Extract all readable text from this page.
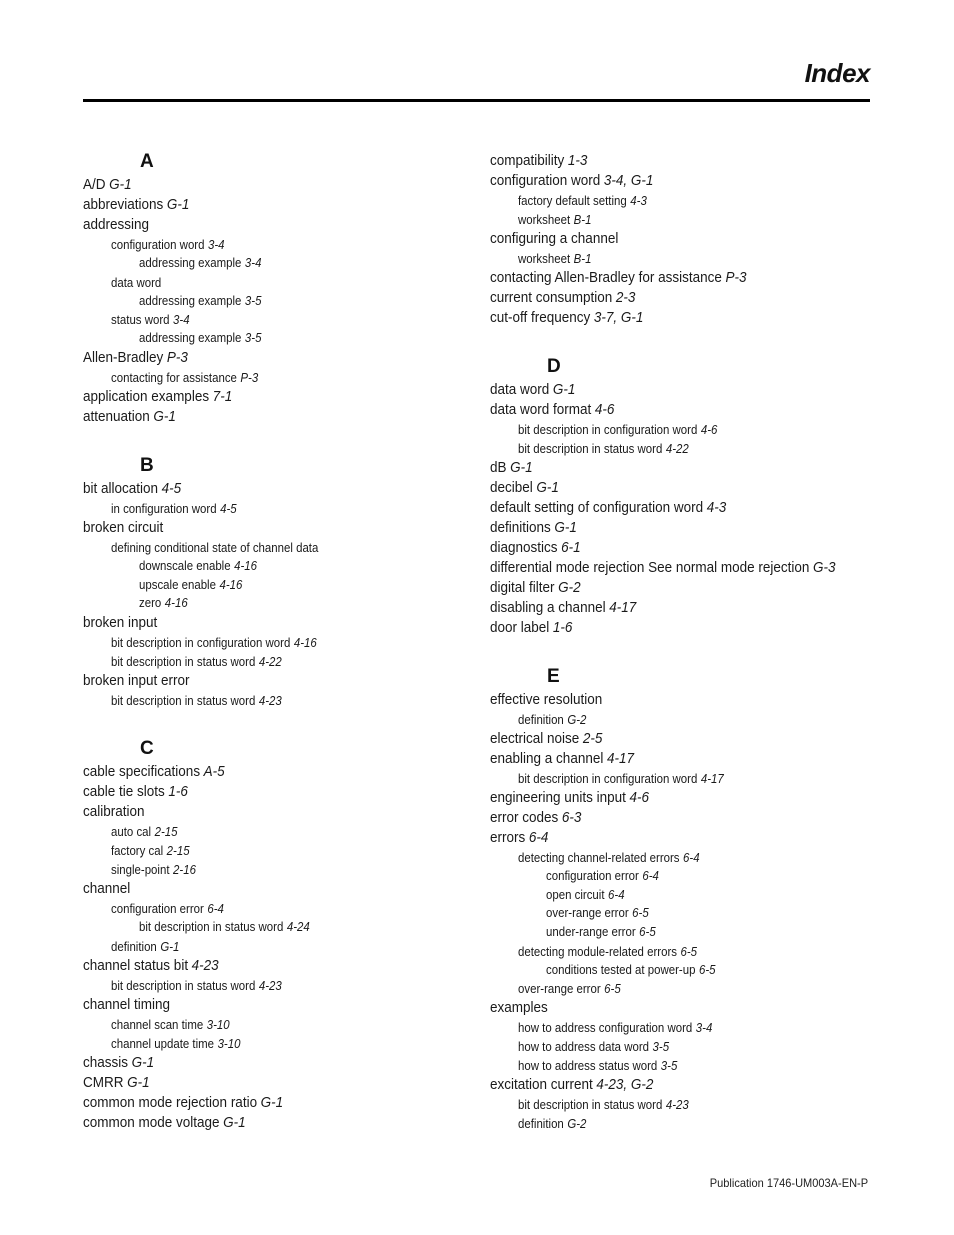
Index
A
A/D G-1
abbreviations G-1
addressing
configuration word 3-4
addressing example 3-4
data word
addressing example 3-5
status word 3-4
addressing example 3-5
Allen-Bradley P-3
contacting for assistance P-3
application examples 7-1
attenuation G-1
B
bit allocation 4-5
in configuration word 4-5
broken circuit
defining conditional state of channel data
downscale enable 4-16
upscale enable 4-16
zero 4-16
broken input
bit description in configuration word 4-16
bit description in status word 4-22
broken input error
bit description in status word 4-23
C
cable specifications A-5
cable tie slots 1-6
calibration
auto cal 2-15
factory cal 2-15
single-point 2-16
channel
configuration error 6-4
bit description in status word 4-24
definition G-1
channel status bit 4-23
bit description in status word 4-23
channel timing
channel scan time 3-10
channel update time 3-10
chassis G-1
CMRR G-1
common mode rejection ratio G-1
common mode voltage G-1
compatibility 1-3
configuration word 3-4, G-1
factory default setting 4-3
worksheet B-1
configuring a channel
worksheet B-1
contacting Allen-Bradley for assistance P-3
current consumption 2-3
cut-off frequency 3-7, G-1
D
data word G-1
data word format 4-6
bit description in configuration word 4-6
bit description in status word 4-22
dB G-1
decibel G-1
default setting of configuration word 4-3
definitions G-1
diagnostics 6-1
differential mode rejection See normal mode rejection G-3
digital filter G-2
disabling a channel 4-17
door label 1-6
E
effective resolution
definition G-2
electrical noise 2-5
enabling a channel 4-17
bit description in configuration word 4-17
engineering units input 4-6
error codes 6-3
errors 6-4
detecting channel-related errors 6-4
configuration error 6-4
open circuit 6-4
over-range error 6-5
under-range error 6-5
detecting module-related errors 6-5
conditions tested at power-up 6-5
over-range error 6-5
examples
how to address configuration word 3-4
how to address data word 3-5
how to address status word 3-5
excitation current 4-23, G-2
bit description in status word 4-23
definition G-2
Publication 1746-UM003A-EN-P
